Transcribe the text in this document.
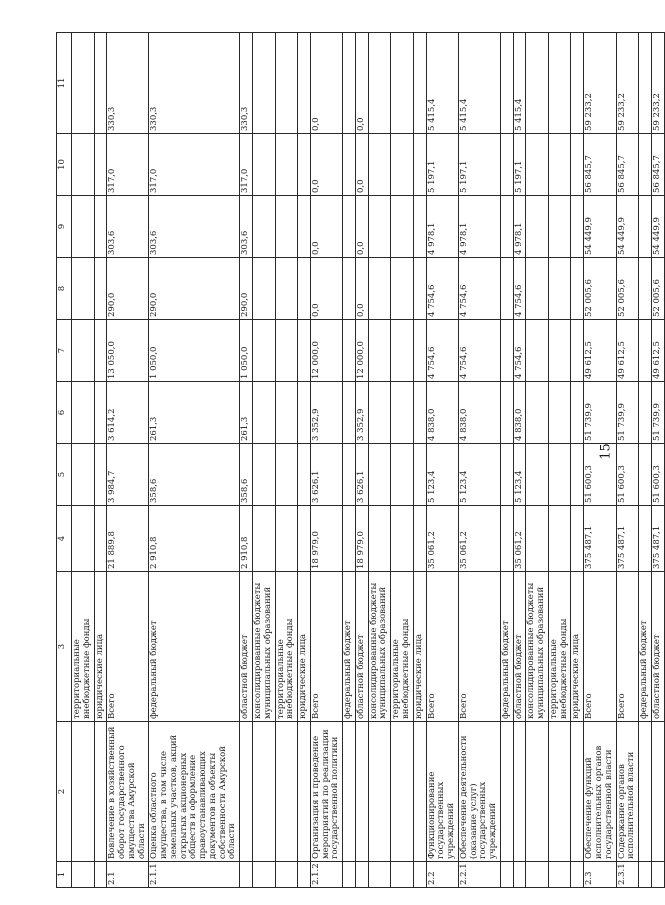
15
1	2	3	4	5	6	7	8	9	10	11
		территориальные внебюджетные фонды								
		юридические лица								
2.1	Вовлечение в хозяйственный оборот государственного имущества Амурской области	Всего	21 889,8	3 984,7	3 614,2	13 050,0	290,0	303,6	317,0	330,3
2.1.1	Оценка областного имущества, в том числе земельных участков, акций открытых акционерных обществ и оформление правоустанавливающих документов на объекты собственности Амурской области	федеральный бюджет	2 910,8	358,6	261,3	1 050,0	290,0	303,6	317,0	330,3
		областной бюджет	2 910,8	358,6	261,3	1 050,0	290,0	303,6	317,0	330,3
		консолидированные бюджеты муниципальных образований								
		территориальные внебюджетные фонды								
		юридические лица								
2.1.2	Организация и проведение мероприятий по реализации государственной политики	Всего	18 979,0	3 626,1	3 352,9	12 000,0	0,0	0,0	0,0	0,0
		федеральный бюджет								
		областной бюджет	18 979,0	3 626,1	3 352,9	12 000,0	0,0	0,0	0,0	0,0
		консолидированные бюджеты муниципальных образований								
		территориальные внебюджетные фонды								
		юридические лица								
2.2	Функционирование государственных учреждений	Всего	35 061,2	5 123,4	4 838,0	4 754,6	4 754,6	4 978,1	5 197,1	5 415,4
2.2.1	Обеспечение деятельности (оказание услуг) государственных учреждений	Всего	35 061,2	5 123,4	4 838,0	4 754,6	4 754,6	4 978,1	5 197,1	5 415,4
		федеральный бюджет								
		областной бюджет	35 061,2	5 123,4	4 838,0	4 754,6	4 754,6	4 978,1	5 197,1	5 415,4
		консолидированные бюджеты муниципальных образований								
		территориальные внебюджетные фонды								
		юридические лица								
2.3	Обеспечение функций исполнительных органов государственной власти	Всего	375 487,1	51 600,3	51 739,9	49 612,5	52 005,6	54 449,9	56 845,7	59 233,2
2.3.1	Содержание органов исполнительной власти	Всего	375 487,1	51 600,3	51 739,9	49 612,5	52 005,6	54 449,9	56 845,7	59 233,2
		федеральный бюджет								
		областной бюджет	375 487,1	51 600,3	51 739,9	49 612,5	52 005,6	54 449,9	56 845,7	59 233,2
